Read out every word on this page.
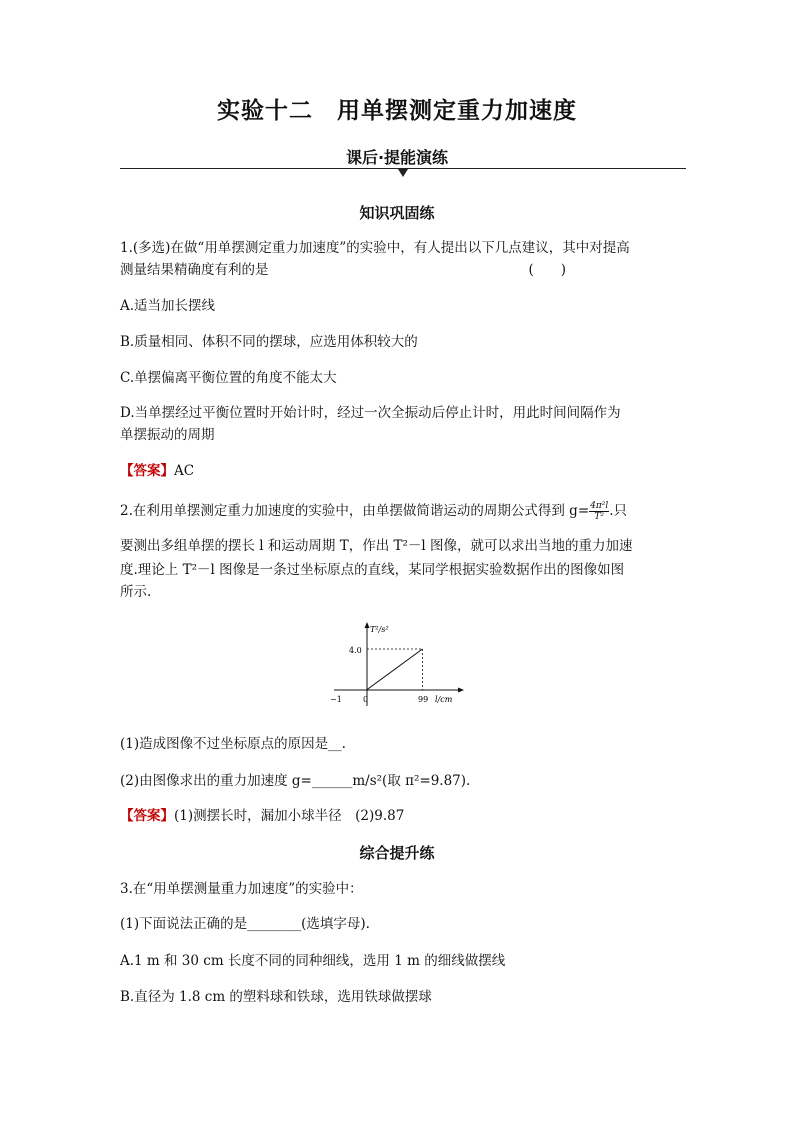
实验十二　用单摆测定重力加速度
课后·提能演练
知识巩固练
1.(多选)在做“用单摆测定重力加速度”的实验中，有人提出以下几点建议，其中对提高
测量结果精确度有利的是	(　　)
A.适当加长摆线
B.质量相同、体积不同的摆球，应选用体积较大的
C.单摆偏离平衡位置的角度不能太大
D.当单摆经过平衡位置时开始计时，经过一次全振动后停止计时，用此时间间隔作为
单摆振动的周期
【答案】AC
2.在利用单摆测定重力加速度的实验中，由单摆做简谐运动的周期公式得到 $g= \frac{\text{4π²l}}{\text{T²}}$ .只
要测出多组单摆的摆长 l 和运动周期 T，作出 T²－l 图像，就可以求出当地的重力加速
度.理论上 T²－l 图像是一条过坐标原点的直线，某同学根据实验数据作出的图像如图
所示.
T²/s²
l/cm
4.0
−1	0	99
(1)造成图像不过坐标原点的原因是__.
(2)由图像求出的重力加速度 g=______m/s²(取 π²=9.87).
【答案】(1)测摆长时，漏加小球半径　(2)9.87
综合提升练
3.在“用单摆测量重力加速度”的实验中：
(1)下面说法正确的是________(选填字母).
A.1 m 和 30 cm 长度不同的同种细线，选用 1 m 的细线做摆线
B.直径为 1.8 cm 的塑料球和铁球，选用铁球做摆球
